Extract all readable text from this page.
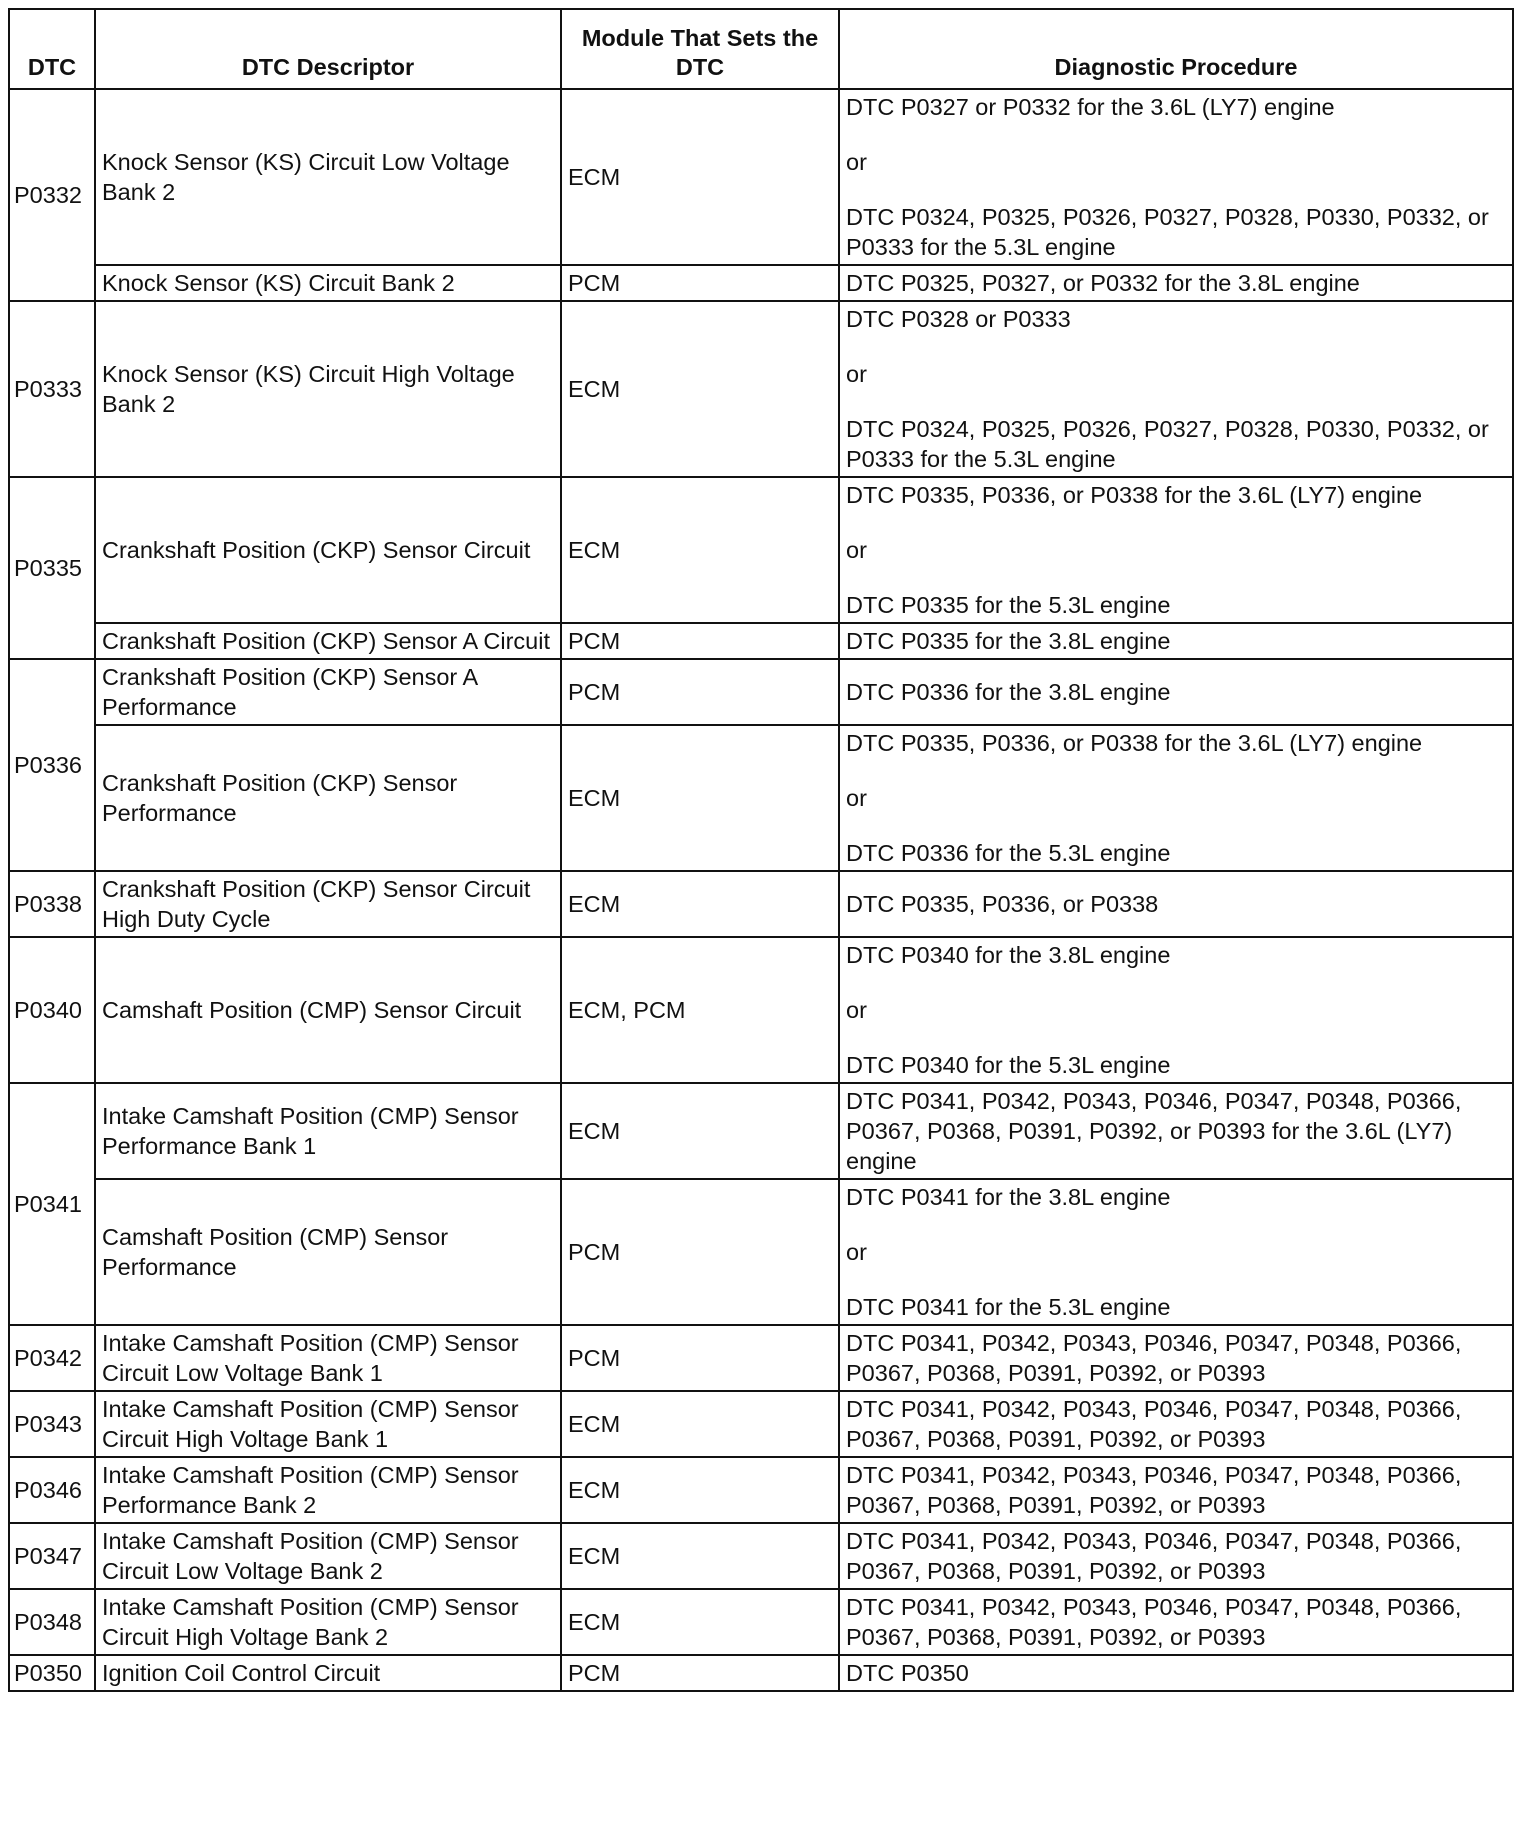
DTC	DTC Descriptor	Module That Sets the DTC	Diagnostic Procedure
P0332	Knock Sensor (KS) Circuit Low Voltage Bank 2	ECM	DTC P0327 or P0332 for the 3.6L (LY7) engine

or

DTC P0324, P0325, P0326, P0327, P0328, P0330, P0332, or P0333 for the 5.3L engine

	Knock Sensor (KS) Circuit Bank 2	PCM	DTC P0325, P0327, or P0332 for the 3.8L engine

P0333	Knock Sensor (KS) Circuit High Voltage Bank 2	ECM	DTC P0328 or P0333

or

DTC P0324, P0325, P0326, P0327, P0328, P0330, P0332, or P0333 for the 5.3L engine

P0335	Crankshaft Position (CKP) Sensor Circuit	ECM	DTC P0335, P0336, or P0338 for the 3.6L (LY7) engine

or

DTC P0335 for the 5.3L engine

	Crankshaft Position (CKP) Sensor A Circuit	PCM	DTC P0335 for the 3.8L engine

P0336	Crankshaft Position (CKP) Sensor A Performance	PCM	DTC P0336 for the 3.8L engine

	Crankshaft Position (CKP) Sensor Performance	ECM	DTC P0335, P0336, or P0338 for the 3.6L (LY7) engine

or

DTC P0336 for the 5.3L engine

P0338	Crankshaft Position (CKP) Sensor Circuit High Duty Cycle	ECM	DTC P0335, P0336, or P0338

P0340	Camshaft Position (CMP) Sensor Circuit	ECM, PCM	DTC P0340 for the 3.8L engine

or

DTC P0340 for the 5.3L engine

P0341	Intake Camshaft Position (CMP) Sensor Performance Bank 1	ECM	DTC P0341, P0342, P0343, P0346, P0347, P0348, P0366, P0367, P0368, P0391, P0392, or P0393 for the 3.6L (LY7) engine

	Camshaft Position (CMP) Sensor Performance	PCM	DTC P0341 for the 3.8L engine

or

DTC P0341 for the 5.3L engine

P0342	Intake Camshaft Position (CMP) Sensor Circuit Low Voltage Bank 1	PCM	DTC P0341, P0342, P0343, P0346, P0347, P0348, P0366, P0367, P0368, P0391, P0392, or P0393

P0343	Intake Camshaft Position (CMP) Sensor Circuit High Voltage Bank 1	ECM	DTC P0341, P0342, P0343, P0346, P0347, P0348, P0366, P0367, P0368, P0391, P0392, or P0393

P0346	Intake Camshaft Position (CMP) Sensor Performance Bank 2	ECM	DTC P0341, P0342, P0343, P0346, P0347, P0348, P0366, P0367, P0368, P0391, P0392, or P0393

P0347	Intake Camshaft Position (CMP) Sensor Circuit Low Voltage Bank 2	ECM	DTC P0341, P0342, P0343, P0346, P0347, P0348, P0366, P0367, P0368, P0391, P0392, or P0393

P0348	Intake Camshaft Position (CMP) Sensor Circuit High Voltage Bank 2	ECM	DTC P0341, P0342, P0343, P0346, P0347, P0348, P0366, P0367, P0368, P0391, P0392, or P0393

P0350	Ignition Coil Control Circuit	PCM	DTC P0350
